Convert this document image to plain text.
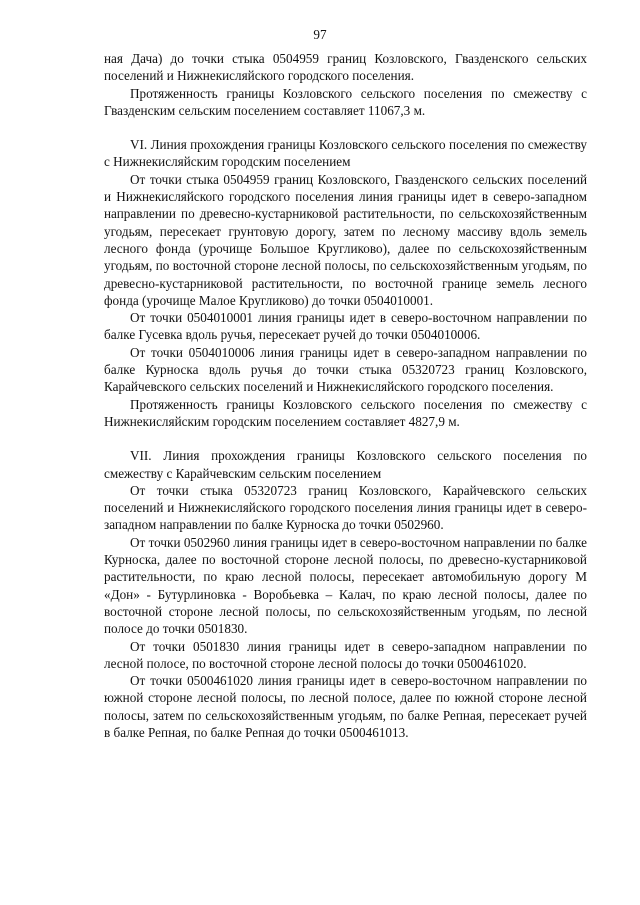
97

ная Дача) до точки стыка 0504959 границ Козловского, Гвазденского сельских поселений и Нижнекисляйского городского поселения.

Протяженность границы Козловского сельского поселения по смежеству с Гвазденским сельским поселением составляет 11067,3 м.

VI. Линия прохождения границы Козловского сельского поселения по смежеству с Нижнекисляйским городским поселением

От точки стыка 0504959 границ Козловского, Гвазденского сельских поселений и Нижнекисляйского городского поселения линия границы идет в северо-западном направлении по древесно-кустарниковой растительности, по сельскохозяйственным угодьям, пересекает грунтовую дорогу, затем по лесному массиву вдоль земель лесного фонда (урочище Большое Кругликово), далее по сельскохозяйственным угодьям, по восточной стороне лесной полосы, по сельскохозяйственным угодьям, по древесно-кустарниковой растительности, по восточной границе земель лесного фонда (урочище Малое Кругликово) до точки 0504010001.

От точки 0504010001 линия границы идет в северо-восточном направлении по балке Гусевка вдоль ручья, пересекает ручей до точки 0504010006.

От точки 0504010006 линия границы идет в северо-западном направлении по балке Курноска вдоль ручья до точки стыка 05320723 границ Козловского, Карайчевского сельских поселений и Нижнекисляйского городского поселения.

Протяженность границы Козловского сельского поселения по смежеству с Нижнекисляйским городским поселением составляет 4827,9 м.

VII. Линия прохождения границы Козловского сельского поселения по смежеству с Карайчевским сельским поселением

От точки стыка 05320723 границ Козловского, Карайчевского сельских поселений и Нижнекисляйского городского поселения линия границы идет в северо-западном направлении по балке Курноска до точки 0502960.

От точки 0502960 линия границы идет в северо-восточном направлении по балке Курноска, далее по восточной стороне лесной полосы, по древесно-кустарниковой растительности, по краю лесной полосы, пересекает автомобильную дорогу М «Дон» - Бутурлиновка - Воробьевка – Калач, по краю лесной полосы, далее по восточной стороне лесной полосы, по сельскохозяйственным угодьям, по лесной полосе до точки 0501830.

От точки 0501830 линия границы идет в северо-западном направлении по лесной полосе, по восточной стороне лесной полосы до точки 0500461020.

От точки 0500461020 линия границы идет в северо-восточном направлении по южной стороне лесной полосы, по лесной полосе, далее по южной стороне лесной полосы, затем по сельскохозяйственным угодьям, по балке Репная, пересекает ручей в балке Репная, по балке Репная до точки 0500461013.
